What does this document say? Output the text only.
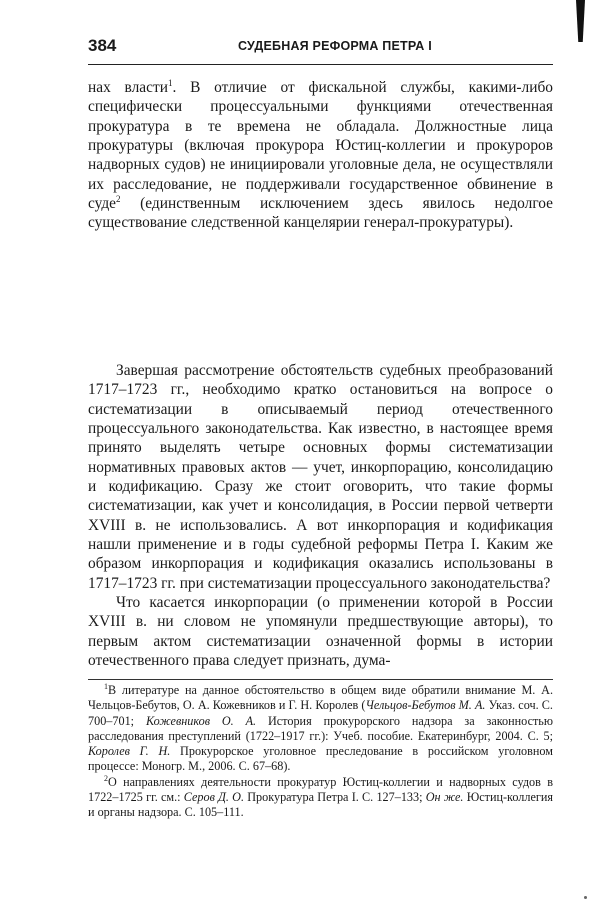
384	СУДЕБНАЯ РЕФОРМА ПЕТРА I

нах власти$^1$. В отличие от фискальной службы, какими-либо специфически процессуальными функциями отечественная прокуратура в те времена не обладала. Должностные лица прокуратуры (включая прокурора Юстиц-коллегии и прокуроров надворных судов) не инициировали уголовные дела, не осуществляли их расследование, не поддерживали государственное обвинение в суде$^2$ (единственным исключением здесь явилось недолгое существование следственной канцелярии генерал-прокуратуры).

Завершая рассмотрение обстоятельств судебных преобразований 1717–1723 гг., необходимо кратко остановиться на вопросе о систематизации в описываемый период отечественного процессуального законодательства. Как известно, в настоящее время принято выделять четыре основных формы систематизации нормативных правовых актов — учет, инкорпорацию, консолидацию и кодификацию. Сразу же стоит оговорить, что такие формы систематизации, как учет и консолидация, в России первой четверти XVIII в. не использовались. А вот инкорпорация и кодификация нашли применение и в годы судебной реформы Петра I. Каким же образом инкорпорация и кодификация оказались использованы в 1717–1723 гг. при систематизации процессуального законодательства?

Что касается инкорпорации (о применении которой в России XVIII в. ни словом не упомянули предшествующие авторы), то первым актом систематизации означенной формы в истории отечественного права следует признать, дума-

$^1$В литературе на данное обстоятельство в общем виде обратили внимание М. А. Чельцов-Бебутов, О. А. Кожевников и Г. Н. Королев (Чельцов-Бебутов М. А. Указ. соч. С. 700–701; Кожевников О. А. История прокурорского надзора за законностью расследования преступлений (1722–1917 гг.): Учеб. пособие. Екатеринбург, 2004. С. 5; Королев Г. Н. Прокурорское уголовное преследование в российском уголовном процессе: Моногр. М., 2006. С. 67–68).

$^2$О направлениях деятельности прокуратур Юстиц-коллегии и надворных судов в 1722–1725 гг. см.: Серов Д. О. Прокуратура Петра I. С. 127–133; Он же. Юстиц-коллегия и органы надзора. С. 105–111.
